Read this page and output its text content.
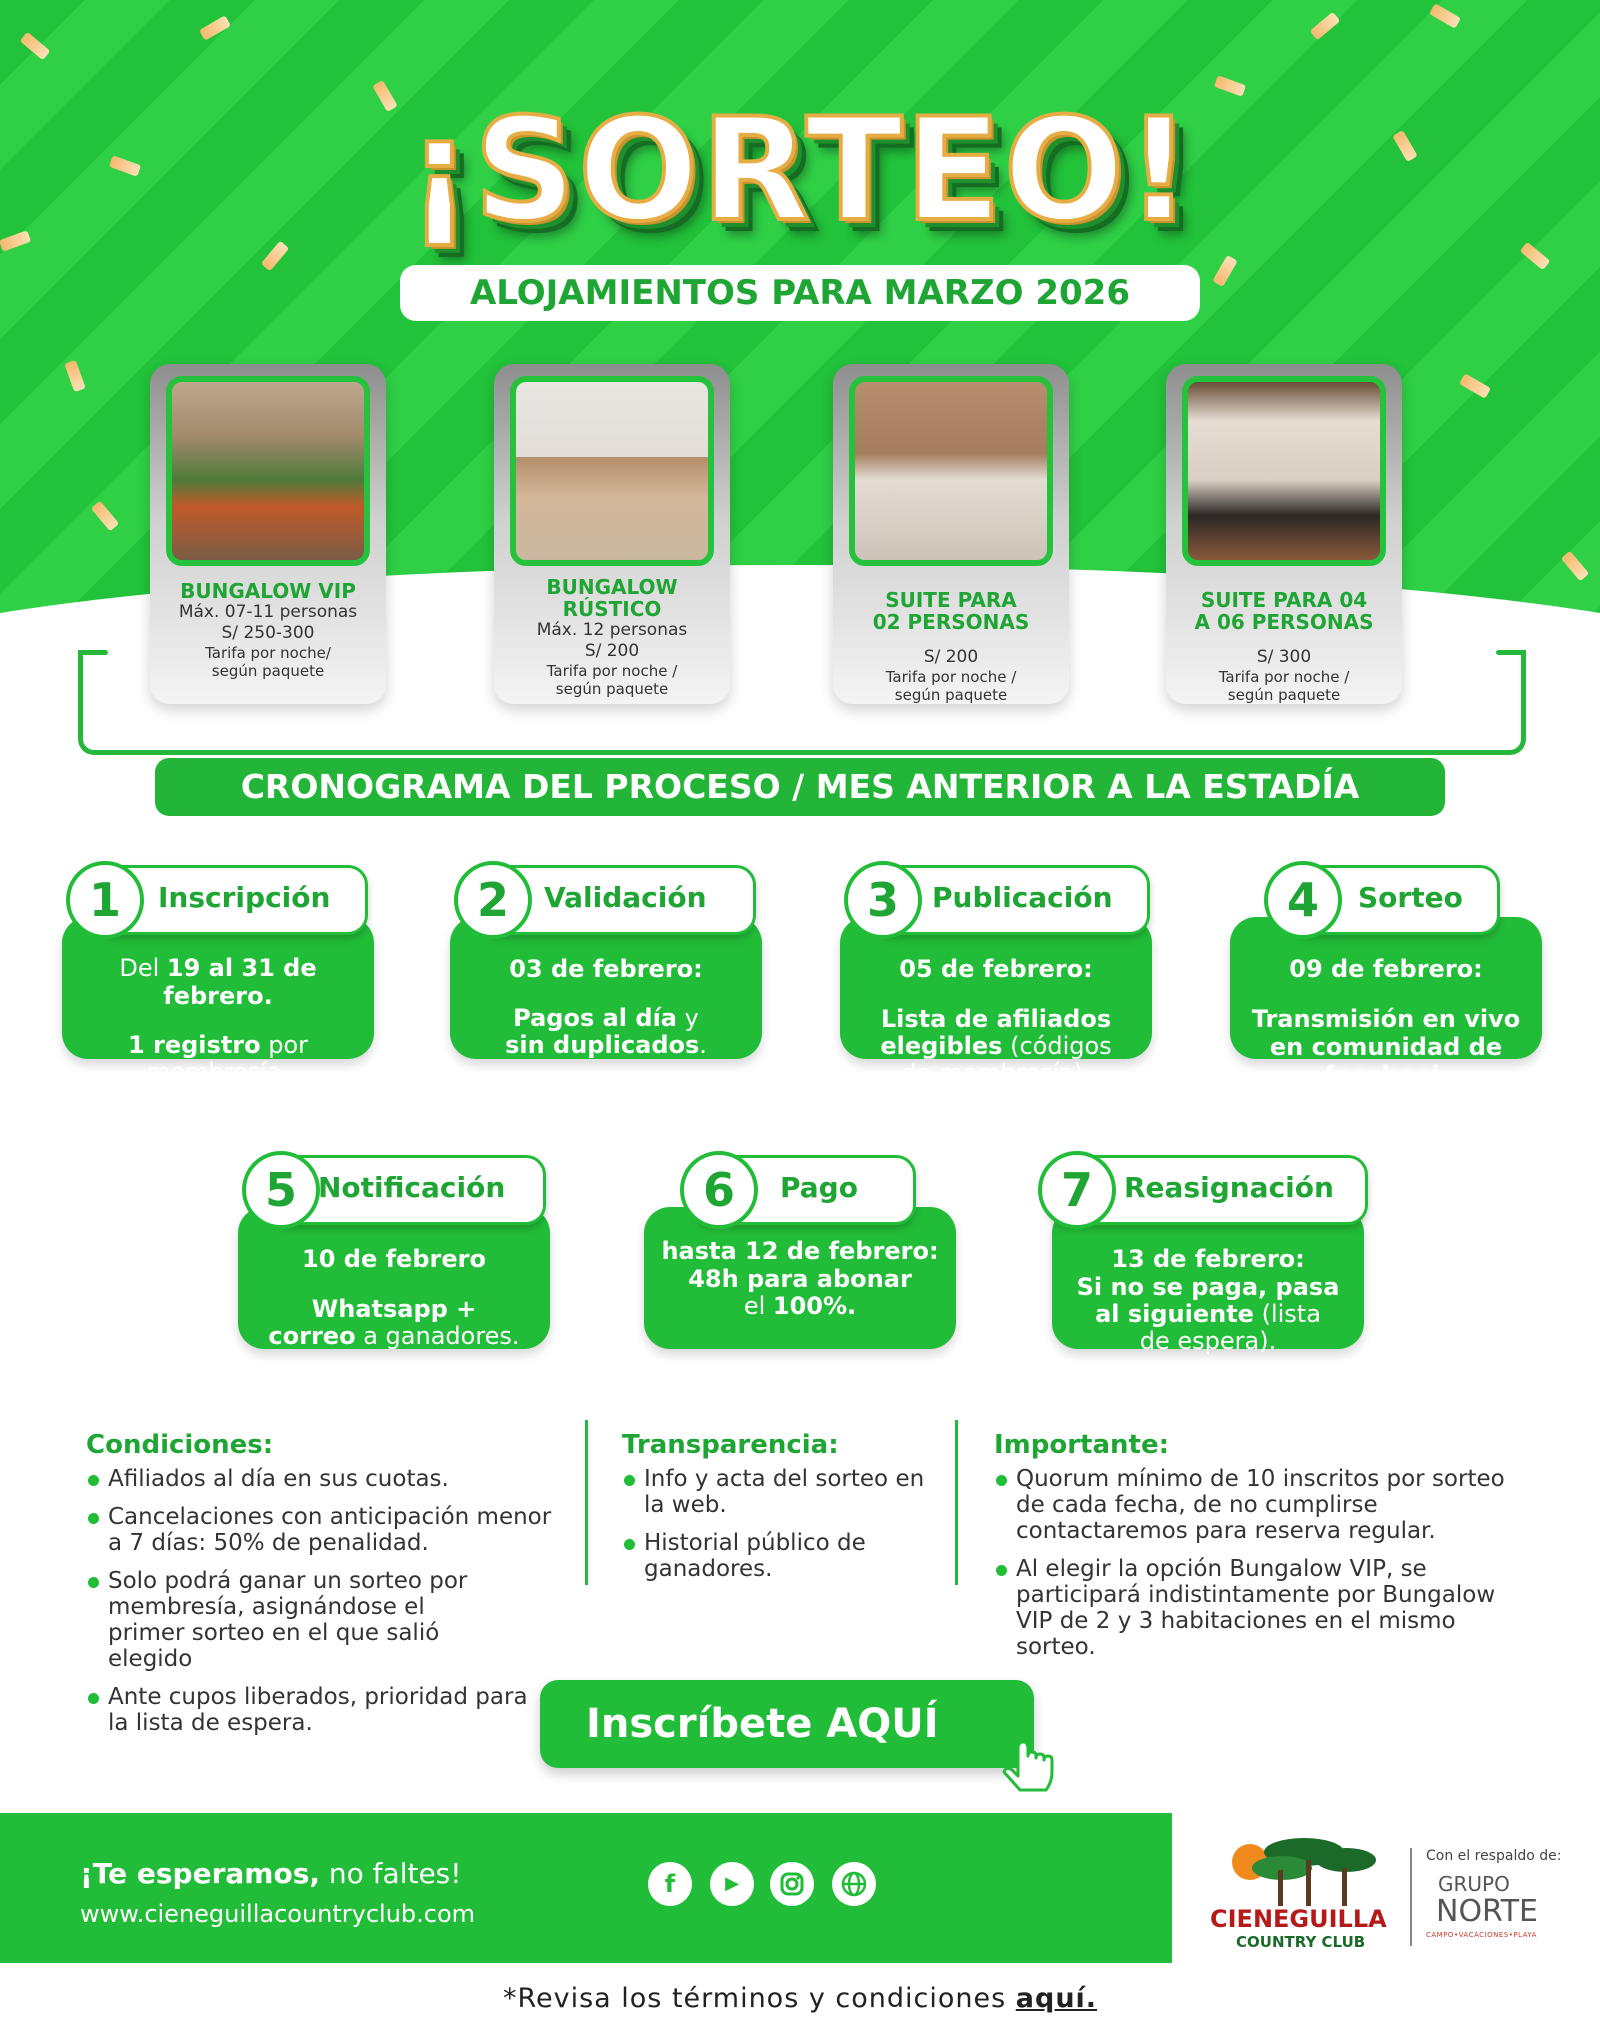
¡SORTEO!
ALOJAMIENTOS PARA MARZO 2026
BUNGALOW VIP
Máx. 07-11 personas
S/ 250-300
Tarifa por noche/
según paquete
BUNGALOW
RÚSTICO
Máx. 12 personas
S/ 200
Tarifa por noche /
según paquete
SUITE PARA
02 PERSONAS
S/ 200
Tarifa por noche /
según paquete
SUITE PARA 04
A 06 PERSONAS
S/ 300
Tarifa por noche /
según paquete
CRONOGRAMA DEL PROCESO / MES ANTERIOR A LA ESTADÍA
Del 19 al 31 de
febrero.
1 registro por
membresía.
1	Inscripción
03 de febrero:
Pagos al día y
sin duplicados.
2	Validación
05 de febrero:
Lista de afiliados
elegibles (códigos
de membresía).
3	Publicación
09 de febrero:
Transmisión en vivo
en comunidad de
facebook
4	Sorteo
10 de febrero
Whatsapp +
correo a ganadores.
5 Notificación
hasta 12 de febrero:
48h para abonar
el 100%.
6	Pago
13 de febrero:
Si no se paga, pasa
al siguiente (lista
de espera).
7	Reasignación
Condiciones:
Afiliados al día en sus cuotas.
Cancelaciones con anticipación menor a 7 días: 50% de penalidad.
Solo podrá ganar un sorteo por membresía, asignándose el primer sorteo en el que salió elegido
Ante cupos liberados, prioridad para la lista de espera.
Transparencia:
Info y acta del sorteo en la web.
Historial público de ganadores.
Importante:
Quorum mínimo de 10 inscritos por sorteo de cada fecha, de no cumplirse contactaremos para reserva regular.
Al elegir la opción Bungalow VIP, se participará indistintamente por Bungalow VIP de 2 y 3 habitaciones en el mismo sorteo.
Inscríbete AQUÍ
¡Te esperamos, no faltes!
www.cieneguillacountryclub.com
f	▶
CIENEGUILLA
COUNTRY CLUB
Con el respaldo de:
GRUPO
NORTE
CAMPO•VACACIONES•PLAYA
*Revisa los términos y condiciones aquí.
